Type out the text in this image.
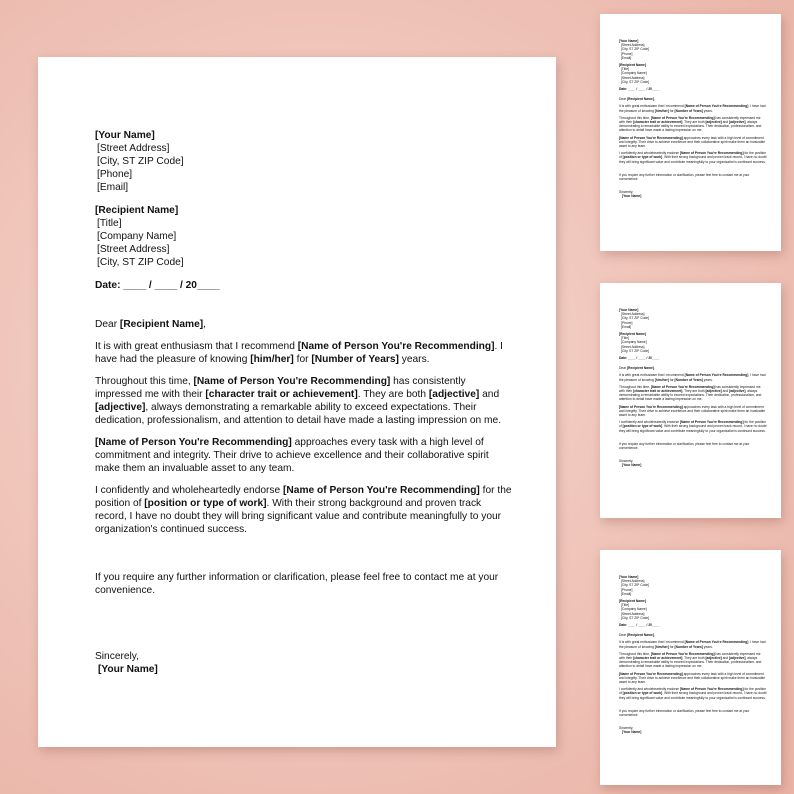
[Your Name]
[Street Address]
[City, ST ZIP Code]
[Phone]
[Email]
[Recipient Name]
[Title]
[Company Name]
[Street Address]
[City, ST ZIP Code]
Date: ____ / ____ / 20____

Dear [Recipient Name],

It is with great enthusiasm that I recommend [Name of Person You're Recommending]. I have had the pleasure of knowing [him/her] for [Number of Years] years.

Throughout this time, [Name of Person You're Recommending] has consistently impressed me with their [character trait or achievement]. They are both [adjective] and [adjective], always demonstrating a remarkable ability to exceed expectations. Their dedication, professionalism, and attention to detail have made a lasting impression on me.

[Name of Person You're Recommending] approaches every task with a high level of commitment and integrity. Their drive to achieve excellence and their collaborative spirit make them an invaluable asset to any team.

I confidently and wholeheartedly endorse [Name of Person You're Recommending] for the position of [position or type of work]. With their strong background and proven track record, I have no doubt they will bring significant value and contribute meaningfully to your organization's continued success.

If you require any further information or clarification, please feel free to contact me at your convenience.

Sincerely,
[Your Name]
[Your Name]
[Street Address]
[City, ST ZIP Code]
[Phone]
[Email]
[Recipient Name]
[Title]
[Company Name]
[Street Address]
[City, ST ZIP Code]
Date: ____ / ____ / 20____

Dear [Recipient Name],

It is with great enthusiasm that I recommend [Name of Person You're Recommending]. I have had the pleasure of knowing [him/her] for [Number of Years] years.

Throughout this time, [Name of Person You're Recommending] has consistently impressed me with their [character trait or achievement]. They are both [adjective] and [adjective], always demonstrating a remarkable ability to exceed expectations. Their dedication, professionalism, and attention to detail have made a lasting impression on me.

[Name of Person You're Recommending] approaches every task with a high level of commitment and integrity. Their drive to achieve excellence and their collaborative spirit make them an invaluable asset to any team.

I confidently and wholeheartedly endorse [Name of Person You're Recommending] for the position of [position or type of work]. With their strong background and proven track record, I have no doubt they will bring significant value and contribute meaningfully to your organization's continued success.

If you require any further information or clarification, please feel free to contact me at your convenience.

Sincerely,
[Your Name]
[Your Name]
[Street Address]
[City, ST ZIP Code]
[Phone]
[Email]
[Recipient Name]
[Title]
[Company Name]
[Street Address]
[City, ST ZIP Code]
Date: ____ / ____ / 20____

Dear [Recipient Name],

It is with great enthusiasm that I recommend [Name of Person You're Recommending]. I have had the pleasure of knowing [him/her] for [Number of Years] years.

Throughout this time, [Name of Person You're Recommending] has consistently impressed me with their [character trait or achievement]. They are both [adjective] and [adjective], always demonstrating a remarkable ability to exceed expectations. Their dedication, professionalism, and attention to detail have made a lasting impression on me.

[Name of Person You're Recommending] approaches every task with a high level of commitment and integrity. Their drive to achieve excellence and their collaborative spirit make them an invaluable asset to any team.

I confidently and wholeheartedly endorse [Name of Person You're Recommending] for the position of [position or type of work]. With their strong background and proven track record, I have no doubt they will bring significant value and contribute meaningfully to your organization's continued success.

If you require any further information or clarification, please feel free to contact me at your convenience.

Sincerely,
[Your Name]
[Your Name]
[Street Address]
[City, ST ZIP Code]
[Phone]
[Email]
[Recipient Name]
[Title]
[Company Name]
[Street Address]
[City, ST ZIP Code]
Date: ____ / ____ / 20____

Dear [Recipient Name],

It is with great enthusiasm that I recommend [Name of Person You're Recommending]. I have had the pleasure of knowing [him/her] for [Number of Years] years.

Throughout this time, [Name of Person You're Recommending] has consistently impressed me with their [character trait or achievement]. They are both [adjective] and [adjective], always demonstrating a remarkable ability to exceed expectations. Their dedication, professionalism, and attention to detail have made a lasting impression on me.

[Name of Person You're Recommending] approaches every task with a high level of commitment and integrity. Their drive to achieve excellence and their collaborative spirit make them an invaluable asset to any team.

I confidently and wholeheartedly endorse [Name of Person You're Recommending] for the position of [position or type of work]. With their strong background and proven track record, I have no doubt they will bring significant value and contribute meaningfully to your organization's continued success.

If you require any further information or clarification, please feel free to contact me at your convenience.

Sincerely,
[Your Name]
